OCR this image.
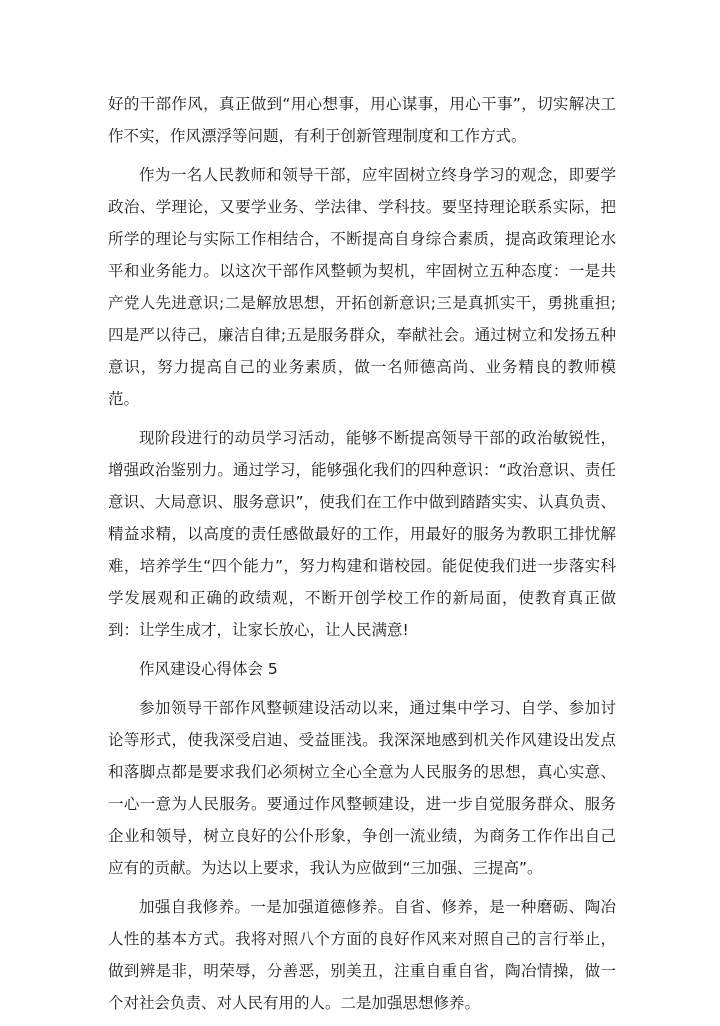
好的干部作风，真正做到“用心想事，用心谋事，用心干事”，切实解决工作不实，作风漂浮等问题，有利于创新管理制度和工作方式。

作为一名人民教师和领导干部，应牢固树立终身学习的观念，即要学政治、学理论，又要学业务、学法律、学科技。要坚持理论联系实际，把所学的理论与实际工作相结合，不断提高自身综合素质，提高政策理论水平和业务能力。以这次干部作风整顿为契机，牢固树立五种态度：一是共产党人先进意识;二是解放思想，开拓创新意识;三是真抓实干，勇挑重担;四是严以待己，廉洁自律;五是服务群众，奉献社会。通过树立和发扬五种意识，努力提高自己的业务素质，做一名师德高尚、业务精良的教师模范。

现阶段进行的动员学习活动，能够不断提高领导干部的政治敏锐性，增强政治鉴别力。通过学习，能够强化我们的四种意识：“政治意识、责任意识、大局意识、服务意识”，使我们在工作中做到踏踏实实、认真负责、精益求精，以高度的责任感做最好的工作，用最好的服务为教职工排忧解难，培养学生“四个能力”，努力构建和谐校园。能促使我们进一步落实科学发展观和正确的政绩观，不断开创学校工作的新局面，使教育真正做到：让学生成才，让家长放心，让人民满意!

作风建设心得体会 5

参加领导干部作风整顿建设活动以来，通过集中学习、自学、参加讨论等形式，使我深受启迪、受益匪浅。我深深地感到机关作风建设出发点和落脚点都是要求我们必须树立全心全意为人民服务的思想，真心实意、一心一意为人民服务。要通过作风整顿建设，进一步自觉服务群众、服务企业和领导，树立良好的公仆形象，争创一流业绩，为商务工作作出自己应有的贡献。为达以上要求，我认为应做到“三加强、三提高”。

加强自我修养。一是加强道德修养。自省、修养，是一种磨砺、陶冶人性的基本方式。我将对照八个方面的良好作风来对照自己的言行举止，做到辨是非，明荣辱，分善恶，别美丑，注重自重自省，陶冶情操，做一个对社会负责、对人民有用的人。二是加强思想修养。
